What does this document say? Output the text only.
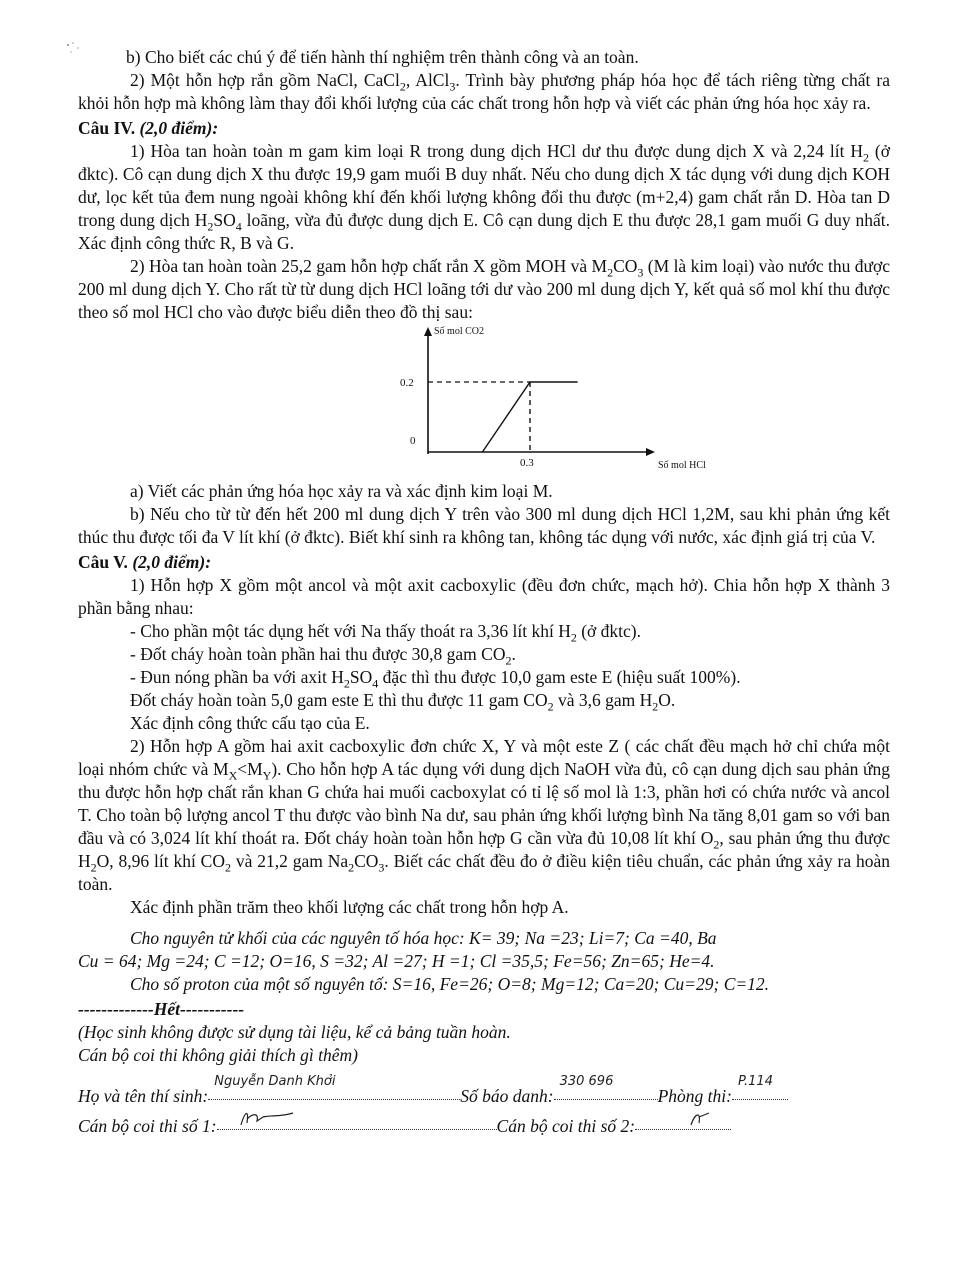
b) Cho biết các chú ý để tiến hành thí nghiệm trên thành công và an toàn.

2) Một hỗn hợp rắn gồm NaCl, CaCl$_2$, AlCl$_3$. Trình bày phương pháp hóa học để tách riêng từng chất ra khỏi hỗn hợp mà không làm thay đổi khối lượng của các chất trong hỗn hợp và viết các phản ứng hóa học xảy ra.

Câu IV. (2,0 điểm):

1) Hòa tan hoàn toàn m gam kim loại R trong dung dịch HCl dư thu được dung dịch X và 2,24 lít $H_2$ (ở đktc). Cô cạn dung dịch X thu được 19,9 gam muối B duy nhất. Nếu cho dung dịch X tác dụng với dung dịch KOH dư, lọc kết tủa đem nung ngoài không khí đến khối lượng không đổi thu được (m+2,4) gam chất rắn D. Hòa tan D trong dung dịch $H_2SO_4$ loãng, vừa đủ được dung dịch E. Cô cạn dung dịch E thu được 28,1 gam muối G duy nhất. Xác định công thức R, B và G.

2) Hòa tan hoàn toàn 25,2 gam hỗn hợp chất rắn X gồm MOH và $M_2CO_3$ (M là kim loại) vào nước thu được 200 ml dung dịch Y. Cho rất từ từ dung dịch HCl loãng tới dư vào 200 ml dung dịch Y, kết quả số mol khí thu được theo số mol HCl cho vào được biểu diễn theo đồ thị sau:

Số mol CO2
Số mol HCl
0
0.3
0.2

a) Viết các phản ứng hóa học xảy ra và xác định kim loại M.

b) Nếu cho từ từ đến hết 200 ml dung dịch Y trên vào 300 ml dung dịch HCl 1,2M, sau khi phản ứng kết thúc thu được tối đa V lít khí (ở đktc). Biết khí sinh ra không tan, không tác dụng với nước, xác định giá trị của V.

Câu V. (2,0 điểm):

1) Hỗn hợp X gồm một ancol và một axit cacboxylic (đều đơn chức, mạch hở). Chia hỗn hợp X thành 3 phần bằng nhau:

- Cho phần một tác dụng hết với Na thấy thoát ra 3,36 lít khí $H_2$ (ở đktc).

- Đốt cháy hoàn toàn phần hai thu được 30,8 gam $CO_2$.

- Đun nóng phần ba với axit $H_2SO_4$ đặc thì thu được 10,0 gam este E (hiệu suất 100%).

Đốt cháy hoàn toàn 5,0 gam este E thì thu được 11 gam $CO_2$ và 3,6 gam $H_2O$.

Xác định công thức cấu tạo của E.

2) Hỗn hợp A gồm hai axit cacboxylic đơn chức X, Y và một este Z ( các chất đều mạch hở chỉ chứa một loại nhóm chức và $M_X<M_Y$). Cho hỗn hợp A tác dụng với dung dịch NaOH vừa đủ, cô cạn dung dịch sau phản ứng thu được hỗn hợp chất rắn khan G chứa hai muối cacboxylat có tỉ lệ số mol là 1:3, phần hơi có chứa nước và ancol T. Cho toàn bộ lượng ancol T thu được vào bình Na dư, sau phản ứng khối lượng bình Na tăng 8,01 gam so với ban đầu và có 3,024 lít khí thoát ra. Đốt cháy hoàn toàn hỗn hợp G cần vừa đủ 10,08 lít khí $O_2$, sau phản ứng thu được $H_2O$, 8,96 lít khí $CO_2$ và 21,2 gam $Na_2CO_3$. Biết các chất đều đo ở điều kiện tiêu chuẩn, các phản ứng xảy ra hoàn toàn.

Xác định phần trăm theo khối lượng các chất trong hỗn hợp A.

Cho nguyên tử khối của các nguyên tố hóa học: K= 39; Na =23; Li=7; Ca =40, Ba

Cu = 64; Mg =24; C =12; O=16, S =32; Al =27; H =1; Cl =35,5; Fe=56; Zn=65; He=4.

Cho số proton của một số nguyên tố: S=16, Fe=26; O=8; Mg=12; Ca=20; Cu=29; C=12.

-------------Hết-----------

(Học sinh không được sử dụng tài liệu, kể cả bảng tuần hoàn.

Cán bộ coi thi không giải thích gì thêm)

Họ và tên thí sinh:
Nguyễn Danh Khởi
Số báo danh:
330 696
Phòng thi:
P.114
Cán bộ coi thi số 1:	Cán bộ coi thi số 2:
